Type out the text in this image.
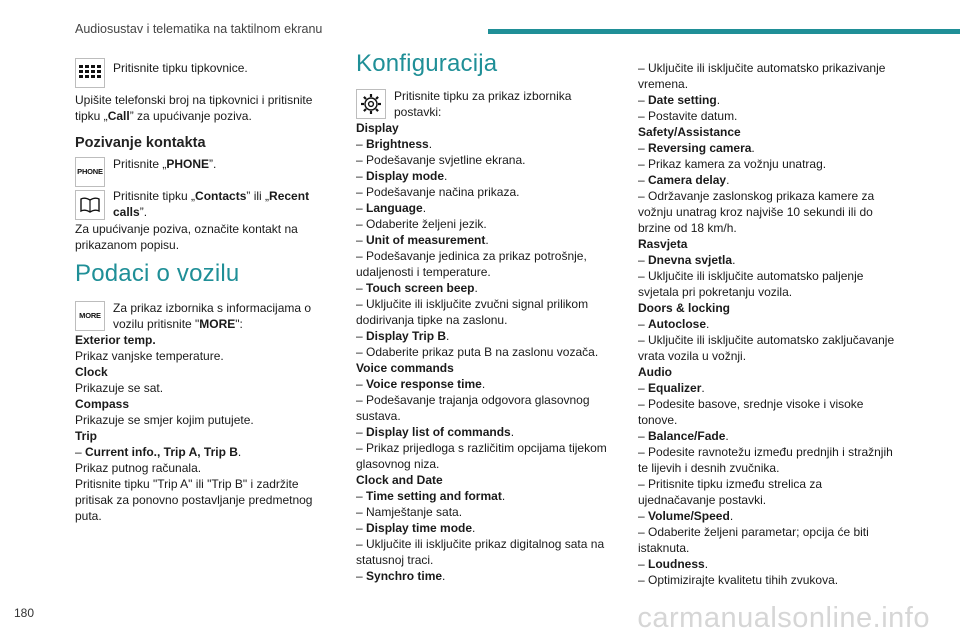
Audiosustav i telematika na taktilnom ekranu

Pritisnite tipku tipkovnice.

Upišite telefonski broj na tipkovnici i pritisnite
tipku „Call” za upućivanje poziva.

Pozivanje kontakta
PHONE

Pritisnite „PHONE”.

Pritisnite tipku „Contacts” ili „Recent
calls”.

Za upućivanje poziva, označite kontakt na
prikazanom popisu.

Podaci o vozilu
MORE

Za prikaz izbornika s informacijama o
vozilu pritisnite "MORE":

Exterior temp.
Prikaz vanjske temperature.
Clock
Prikazuje se sat.
Compass
Prikazuje se smjer kojim putujete.
Trip
– Current info., Trip A, Trip B.
Prikaz putnog računala.
Pritisnite tipku "Trip A" ili "Trip B" i zadržite
pritisak za ponovno postavljanje predmetnog
puta.

Konfiguracija

Pritisnite tipku za prikaz izbornika
postavki:

Display
– Brightness.
– Podešavanje svjetline ekrana.
– Display mode.
– Podešavanje načina prikaza.
– Language.
– Odaberite željeni jezik.
– Unit of measurement.
– Podešavanje jedinica za prikaz potrošnje,
udaljenosti i temperature.
– Touch screen beep.
– Uključite ili isključite zvučni signal prilikom
dodirivanja tipke na zaslonu.
– Display Trip B.
– Odaberite prikaz puta B na zaslonu vozača.
Voice commands
– Voice response time.
– Podešavanje trajanja odgovora glasovnog
sustava.
– Display list of commands.
– Prikaz prijedloga s različitim opcijama tijekom
glasovnog niza.
Clock and Date
– Time setting and format.
– Namještanje sata.
– Display time mode.
– Uključite ili isključite prikaz digitalnog sata na
statusnoj traci.
– Synchro time.

– Uključite ili isključite automatsko prikazivanje
vremena.
– Date setting.
– Postavite datum.
Safety/Assistance
– Reversing camera.
– Prikaz kamera za vožnju unatrag.
– Camera delay.
– Održavanje zaslonskog prikaza kamere za
vožnju unatrag kroz najviše 10 sekundi ili do
brzine od 18 km/h.
Rasvjeta
– Dnevna svjetla.
– Uključite ili isključite automatsko paljenje
svjetala pri pokretanju vozila.
Doors & locking
– Autoclose.
– Uključite ili isključite automatsko zaključavanje
vrata vozila u vožnji.
Audio
– Equalizer.
– Podesite basove, srednje visoke i visoke
tonove.
– Balance/Fade.
– Podesite ravnotežu između prednjih i stražnjih
te lijevih i desnih zvučnika.
– Pritisnite tipku između strelica za
ujednačavanje postavki.
– Volume/Speed.
– Odaberite željeni parametar; opcija će biti
istaknuta.
– Loudness.
– Optimizirajte kvalitetu tihih zvukova.

180	carmanualsonline.info
